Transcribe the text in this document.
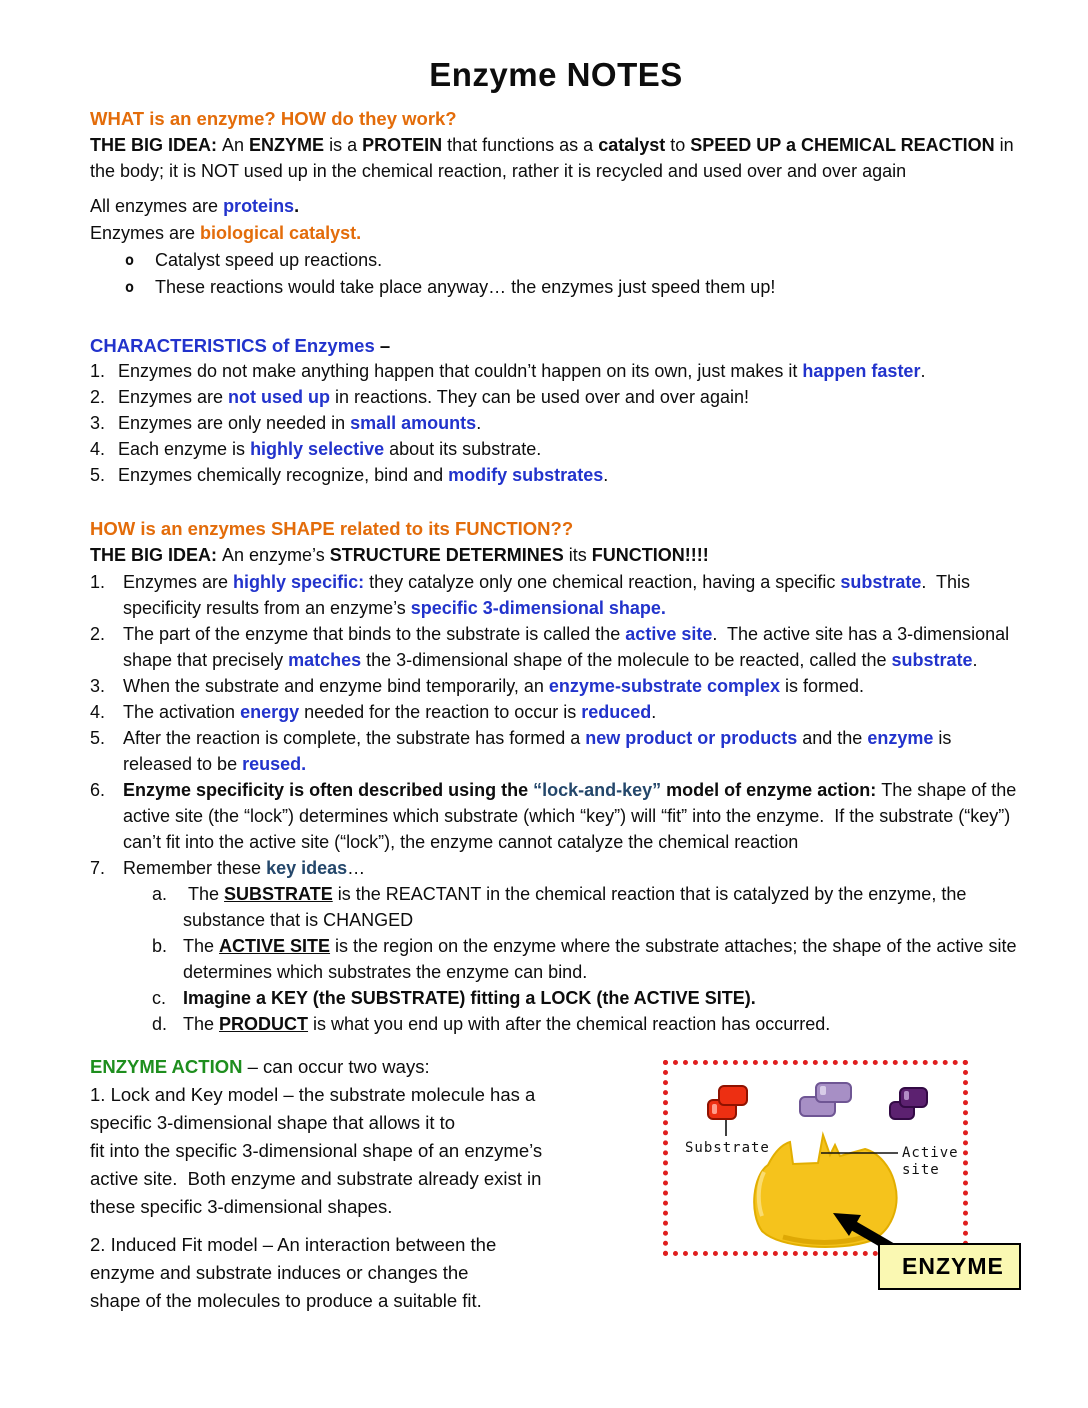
Enzyme NOTES
WHAT is an enzyme? HOW do they work?

THE BIG IDEA: An ENZYME is a PROTEIN that functions as a catalyst to SPEED UP a CHEMICAL REACTION in the body; it is NOT used up in the chemical reaction, rather it is recycled and used over and over again

All enzymes are proteins.

Enzymes are biological catalyst.

o	Catalyst speed up reactions.
o	These reactions would take place anyway… the enzymes just speed them up!
CHARACTERISTICS of Enzymes –
1. Enzymes do not make anything happen that couldn’t happen on its own, just makes it happen faster.
2. Enzymes are not used up in reactions. They can be used over and over again!
3. Enzymes are only needed in small amounts.
4. Each enzyme is highly selective about its substrate.
5. Enzymes chemically recognize, bind and modify substrates.
HOW is an enzymes SHAPE related to its FUNCTION??

THE BIG IDEA: An enzyme’s STRUCTURE DETERMINES its FUNCTION!!!!

1. Enzymes are highly specific: they catalyze only one chemical reaction, having a specific substrate.  This specificity results from an enzyme’s specific 3-dimensional shape.
2. The part of the enzyme that binds to the substrate is called the active site.  The active site has a 3-dimensional shape that precisely matches the 3-dimensional shape of the molecule to be reacted, called the substrate.
3. When the substrate and enzyme bind temporarily, an enzyme-substrate complex is formed.
4. The activation energy needed for the reaction to occur is reduced.
5. After the reaction is complete, the substrate has formed a new product or products and the enzyme is released to be reused.
6. Enzyme specificity is often described using the “lock-and-key” model of enzyme action: The shape of the active site (the “lock”) determines which substrate (which “key”) will “fit” into the enzyme.  If the substrate (“key”) can’t fit into the active site (“lock”), the enzyme cannot catalyze the chemical reaction
7. Remember these key ideas…
a. The SUBSTRATE is the REACTANT in the chemical reaction that is catalyzed by the enzyme, the substance that is CHANGED
b. The ACTIVE SITE is the region on the enzyme where the substrate attaches; the shape of the active site determines which substrates the enzyme can bind.
c. Imagine a KEY (the SUBSTRATE) fitting a LOCK (the ACTIVE SITE).
d. The PRODUCT is what you end up with after the chemical reaction has occurred.
ENZYME ACTION – can occur two ways:
1. Lock and Key model – the substrate molecule has a
specific 3-dimensional shape that allows it to
fit into the specific 3-dimensional shape of an enzyme’s
active site.  Both enzyme and substrate already exist in
these specific 3-dimensional shapes.
2. Induced Fit model – An interaction between the
enzyme and substrate induces or changes the
shape of the molecules to produce a suitable fit.
Substrate	Active
site
ENZYME
